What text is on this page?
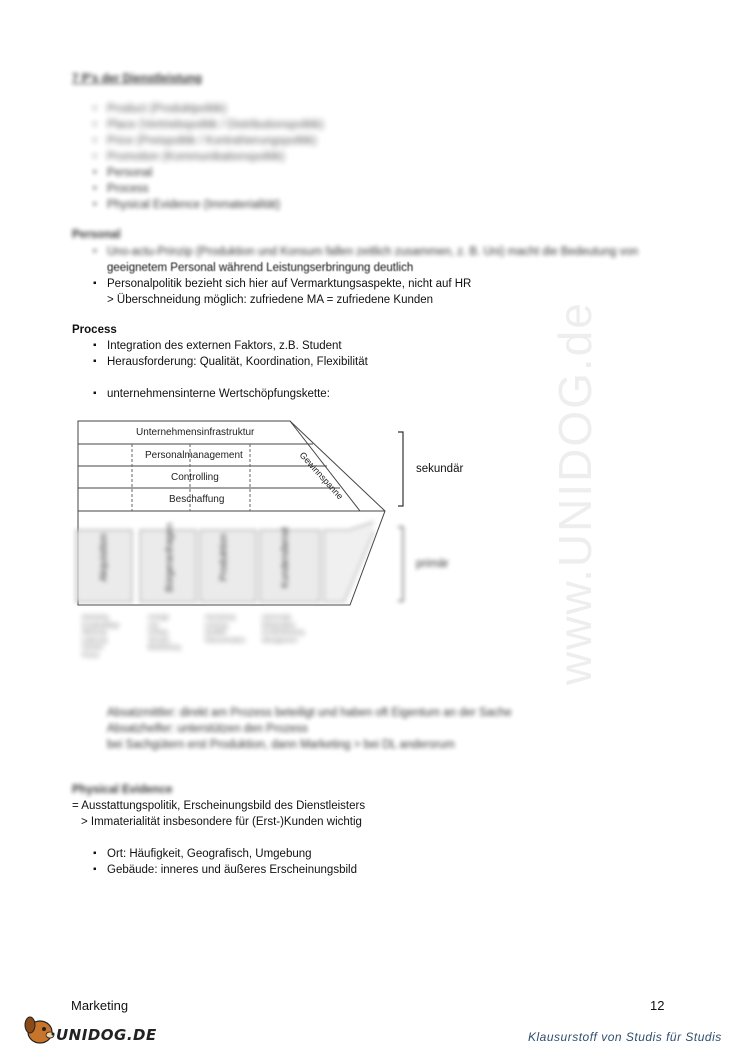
www.UNIDOG.de
7 P's der Dienstleistung
▪ Product (Produktpolitik)
▪ Place (Vertriebspolitik / Distributionspolitik)
▪ Price (Preispolitik / Kontrahierungspolitik)
▪ Promotion (Kommunikationspolitik)
▪ Personal
▪ Process
▪ Physical Evidence (Immaterialität)
Personal
▪ Uno-actu-Prinzip (Produktion und Konsum fallen zeitlich zusammen, z. B. Uni) macht die Bedeutung von
geeignetem Personal während Leistungserbringung deutlich
▪ Personalpolitik bezieht sich hier auf Vermarktungsaspekte, nicht auf HR
> Überschneidung möglich: zufriedene MA = zufriedene Kunden
Process
▪ Integration des externen Faktors, z.B. Student
▪ Herausforderung: Qualität, Koordination, Flexibilität
▪ unternehmensinterne Wertschöpfungskette:
Unternehmensinfrastruktur
Personalmanagement
Controlling
Beschaffung	Gewinnspanne	sekundär
Akquisition	Bürgeranfragen	Produktion	Kundendienst	primär
Marketing
Kundenpflege
Werbung
Lieferung
Vertrieb
Preise
Anfrage und
Auftrag
Termine
Bearbeitung
Herstellung
Leistung
Qualität
Dokumentation
Nachsorge
Reklamation
Kundenbindung
Management
Absatzmittler: direkt am Prozess beteiligt und haben oft Eigentum an der Sache
Absatzhelfer: unterstützen den Prozess
bei Sachgütern erst Produktion, dann Marketing > bei DL andersrum
Physical Evidence
= Ausstattungspolitik, Erscheinungsbild des Dienstleisters
> Immaterialität insbesondere für (Erst-)Kunden wichtig
▪ Ort: Häufigkeit, Geografisch, Umgebung
▪ Gebäude: inneres und äußeres Erscheinungsbild
Marketing	12
UNIDOG.DE	Klausurstoff von Studis für Studis
